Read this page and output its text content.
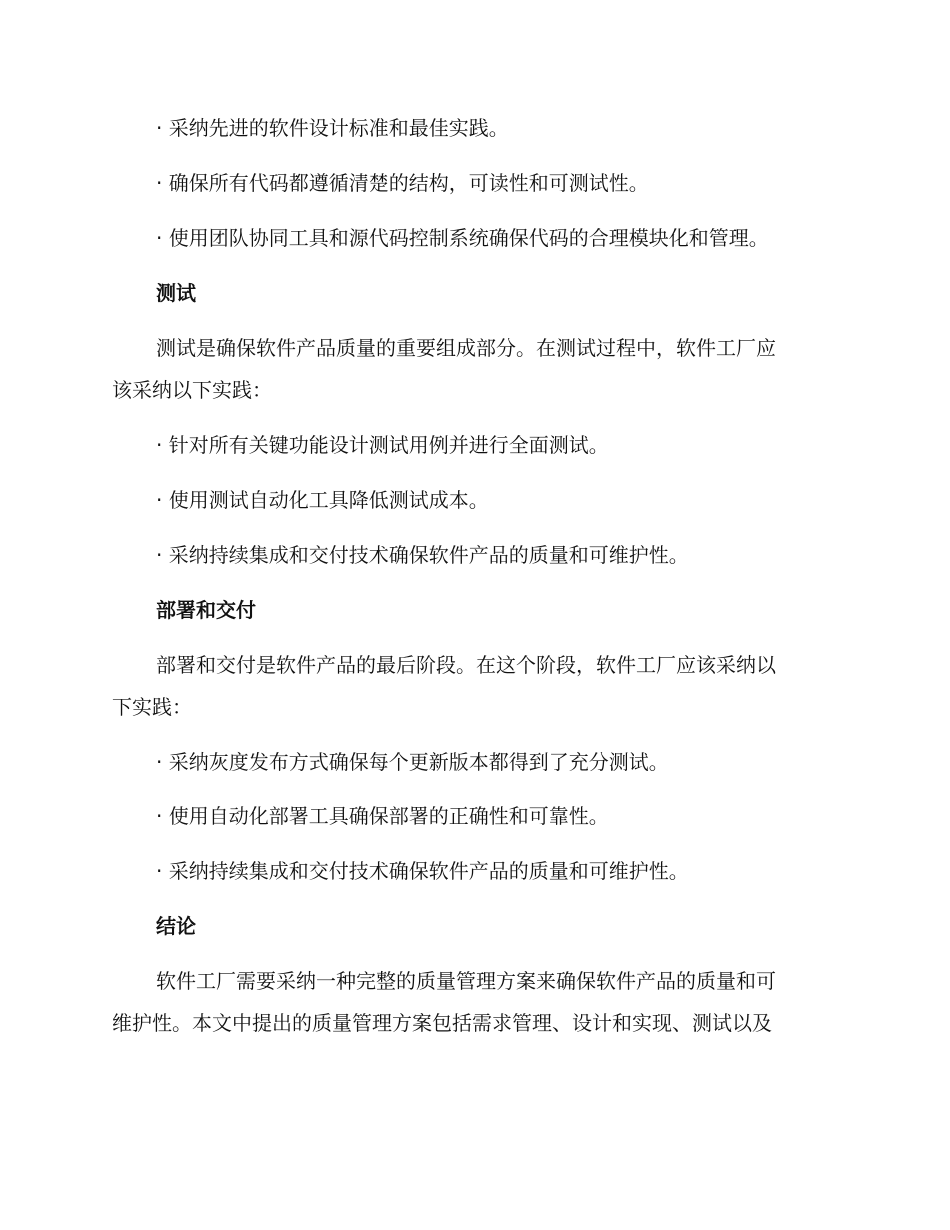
· 采纳先进的软件设计标准和最佳实践。
· 确保所有代码都遵循清楚的结构，可读性和可测试性。
· 使用团队协同工具和源代码控制系统确保代码的合理模块化和管理。
测试
测试是确保软件产品质量的重要组成部分。在测试过程中，软件工厂应
该采纳以下实践：
· 针对所有关键功能设计测试用例并进行全面测试。
· 使用测试自动化工具降低测试成本。
· 采纳持续集成和交付技术确保软件产品的质量和可维护性。
部署和交付
部署和交付是软件产品的最后阶段。在这个阶段，软件工厂应该采纳以
下实践：
· 采纳灰度发布方式确保每个更新版本都得到了充分测试。
· 使用自动化部署工具确保部署的正确性和可靠性。
· 采纳持续集成和交付技术确保软件产品的质量和可维护性。
结论
软件工厂需要采纳一种完整的质量管理方案来确保软件产品的质量和可
维护性。本文中提出的质量管理方案包括需求管理、设计和实现、测试以及
